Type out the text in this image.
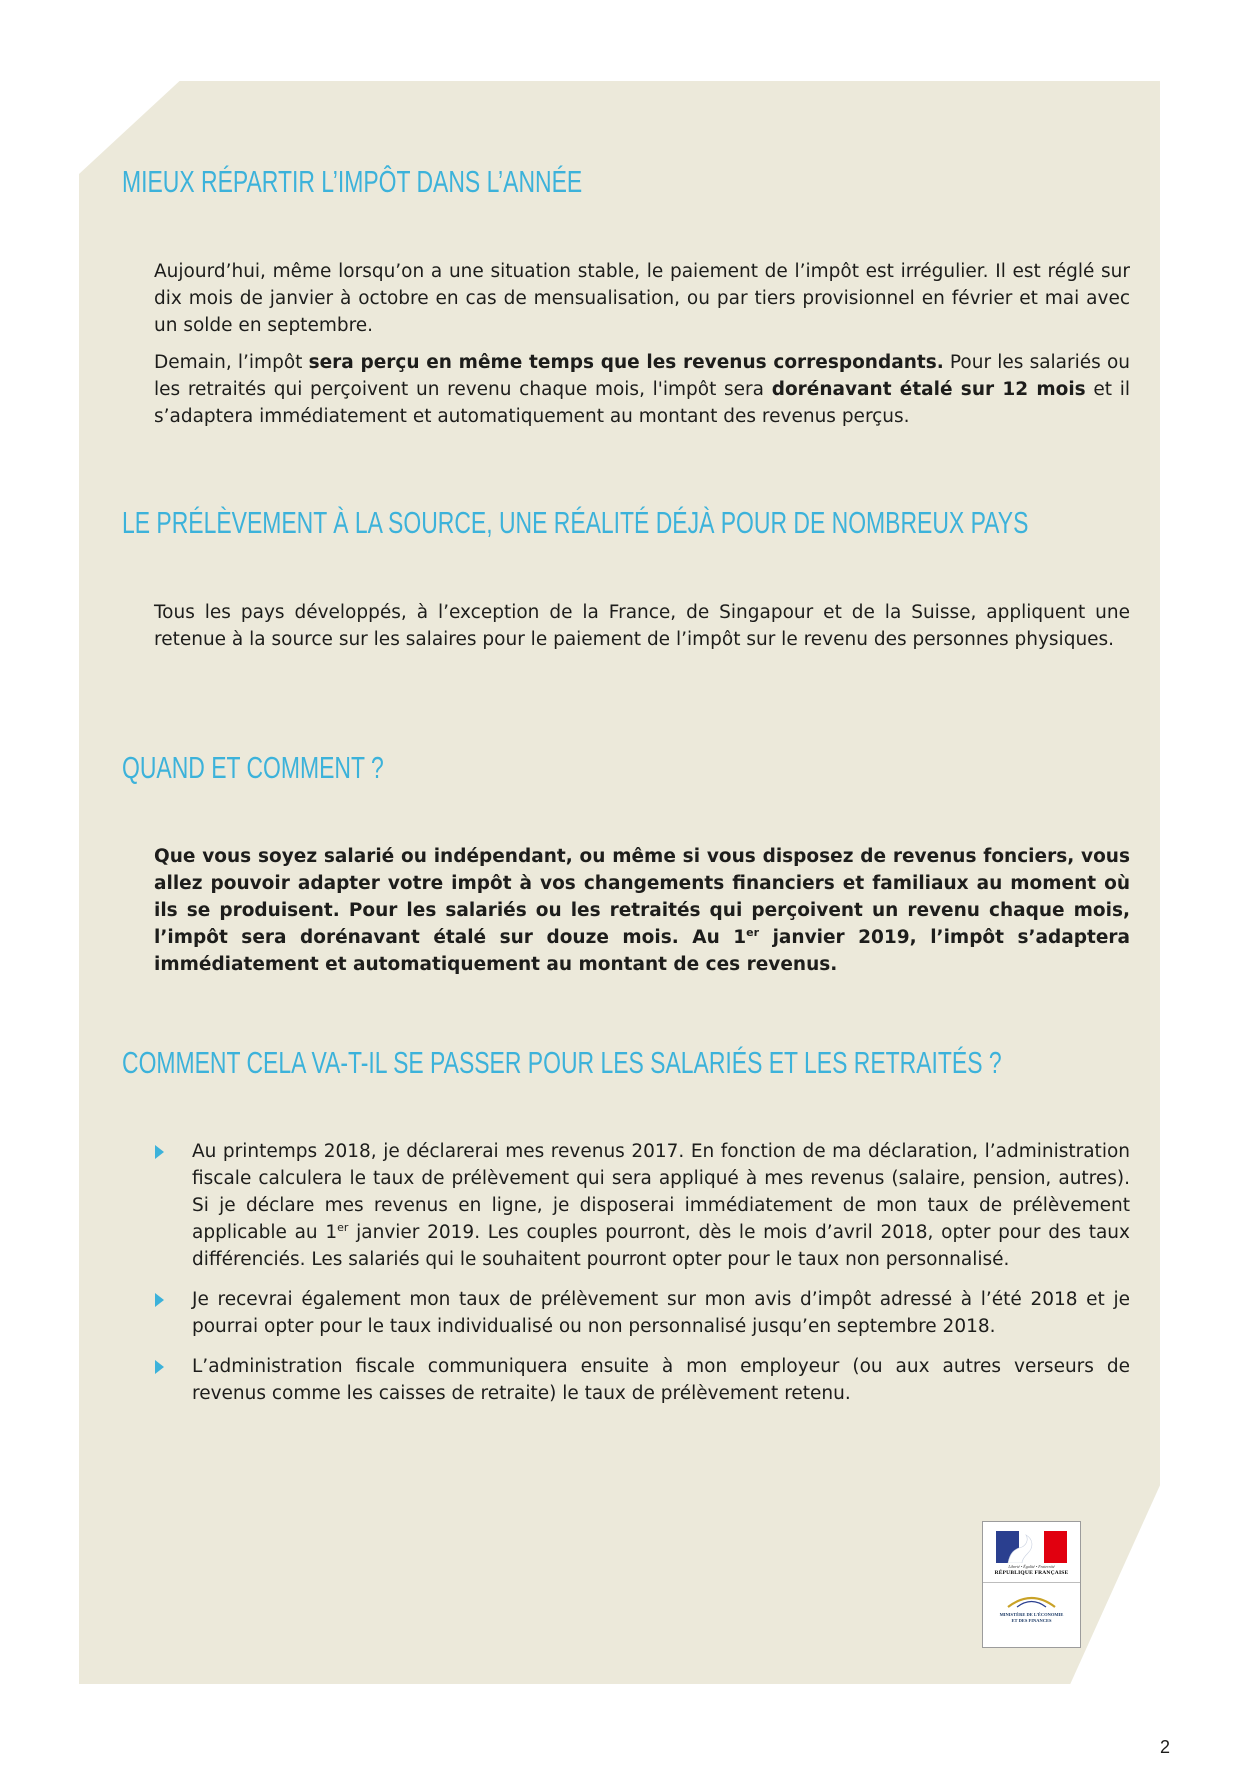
MIEUX RÉPARTIR L’IMPÔT DANS L’ANNÉE

Aujourd’hui, même lorsqu’on a une situation stable, le paiement de l’impôt est irrégulier. Il est réglé sur dix mois de janvier à octobre en cas de mensualisation, ou par tiers provisionnel en février et mai avec un solde en septembre.

Demain, l’impôt sera perçu en même temps que les revenus correspondants. Pour les salariés ou les retraités qui perçoivent un revenu chaque mois, l'impôt sera dorénavant étalé sur 12 mois et il s’adaptera immédiatement et automatiquement au montant des revenus perçus.

LE PRÉLÈVEMENT À LA SOURCE, UNE RÉALITÉ DÉJÀ POUR DE NOMBREUX PAYS

Tous les pays développés, à l’exception de la France, de Singapour et de la Suisse, appliquent une retenue à la source sur les salaires pour le paiement de l’impôt sur le revenu des personnes physiques.

QUAND ET COMMENT ?

Que vous soyez salarié ou indépendant, ou même si vous disposez de revenus fonciers, vous allez pouvoir adapter votre impôt à vos changements financiers et familiaux au moment où ils se produisent. Pour les salariés ou les retraités qui perçoivent un revenu chaque mois, l’impôt sera dorénavant étalé sur douze mois. Au 1er janvier 2019, l’impôt s’adaptera immédiatement et automatiquement au montant de ces revenus.

COMMENT CELA VA-T-IL SE PASSER POUR LES SALARIÉS ET LES RETRAITÉS ?
Au printemps 2018, je déclarerai mes revenus 2017. En fonction de ma déclaration, l’administration fiscale calculera le taux de prélèvement qui sera appliqué à mes revenus (salaire, pension, autres). Si je déclare mes revenus en ligne, je disposerai immédiatement de mon taux de prélèvement applicable au 1er janvier 2019. Les couples pourront, dès le mois d’avril 2018, opter pour des taux différenciés. Les salariés qui le souhaitent pourront opter pour le taux non personnalisé.
Je recevrai également mon taux de prélèvement sur mon avis d’impôt adressé à l’été 2018 et je pourrai opter pour le taux individualisé ou non personnalisé jusqu’en septembre 2018.
L’administration fiscale communiquera ensuite à mon employeur (ou aux autres verseurs de revenus comme les caisses de retraite) le taux de prélèvement retenu.
Liberté • Égalité • Fraternité
RÉPUBLIQUE FRANÇAISE
MINISTÈRE DE L’ÉCONOMIE
ET DES FINANCES
2
